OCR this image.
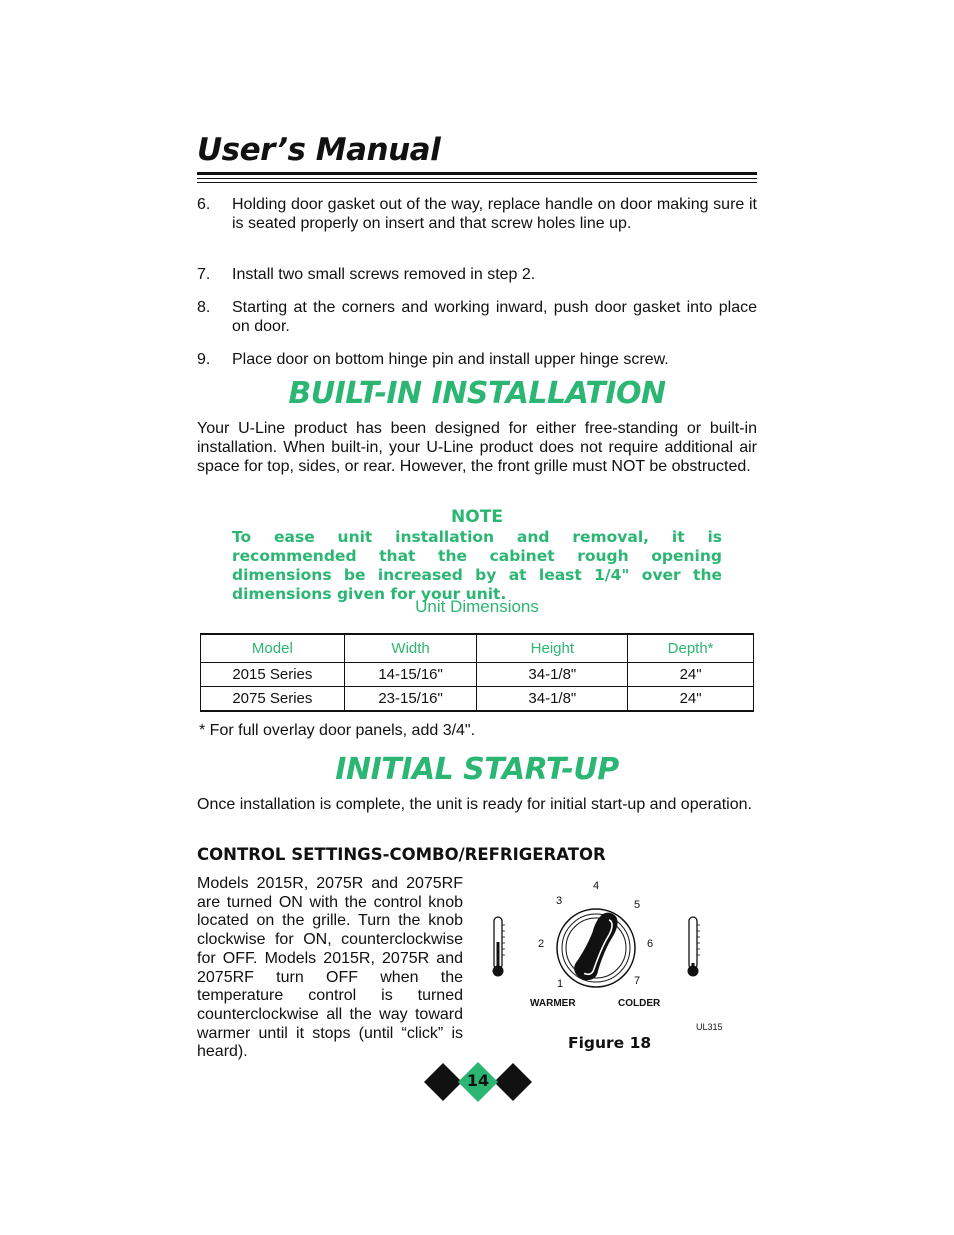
User’s Manual
6.	Holding door gasket out of the way, replace handle on door making sure it is seated properly on insert and that screw holes line up.
7.	Install two small screws removed in step 2.
8.	Starting at the corners and working inward, push door gasket into place on door.
9.	Place door on bottom hinge pin and install upper hinge screw.
BUILT-IN INSTALLATION
Your U-Line product has been designed for either free-standing or built-in installation. When built-in, your U-Line product does not require additional air space for top, sides, or rear. However, the front grille must NOT be obstructed.
NOTE
To ease unit installation and removal, it is recommended that the cabinet rough opening dimensions be increased by at least 1/4" over the dimensions given for your unit.
Unit Dimensions
Model	Width	Height	Depth*
2015 Series	14-15/16"	34-1/8"	24"
2075 Series	23-15/16"	34-1/8"	24"
* For full overlay door panels, add 3/4".
INITIAL START-UP
Once installation is complete, the unit is ready for initial start-up and operation.
CONTROL SETTINGS-COMBO/REFRIGERATOR
Models 2015R, 2075R and 2075RF are turned ON with the control knob located on the grille. Turn the knob clockwise for ON, counterclockwise for OFF. Models 2015R, 2075R and 2075RF turn OFF when the temperature control is turned counterclockwise all the way toward warmer until it stops (until “click” is heard).
1
2
3
4
5
6
7
WARMER	COLDER
UL315
Figure 18
14
